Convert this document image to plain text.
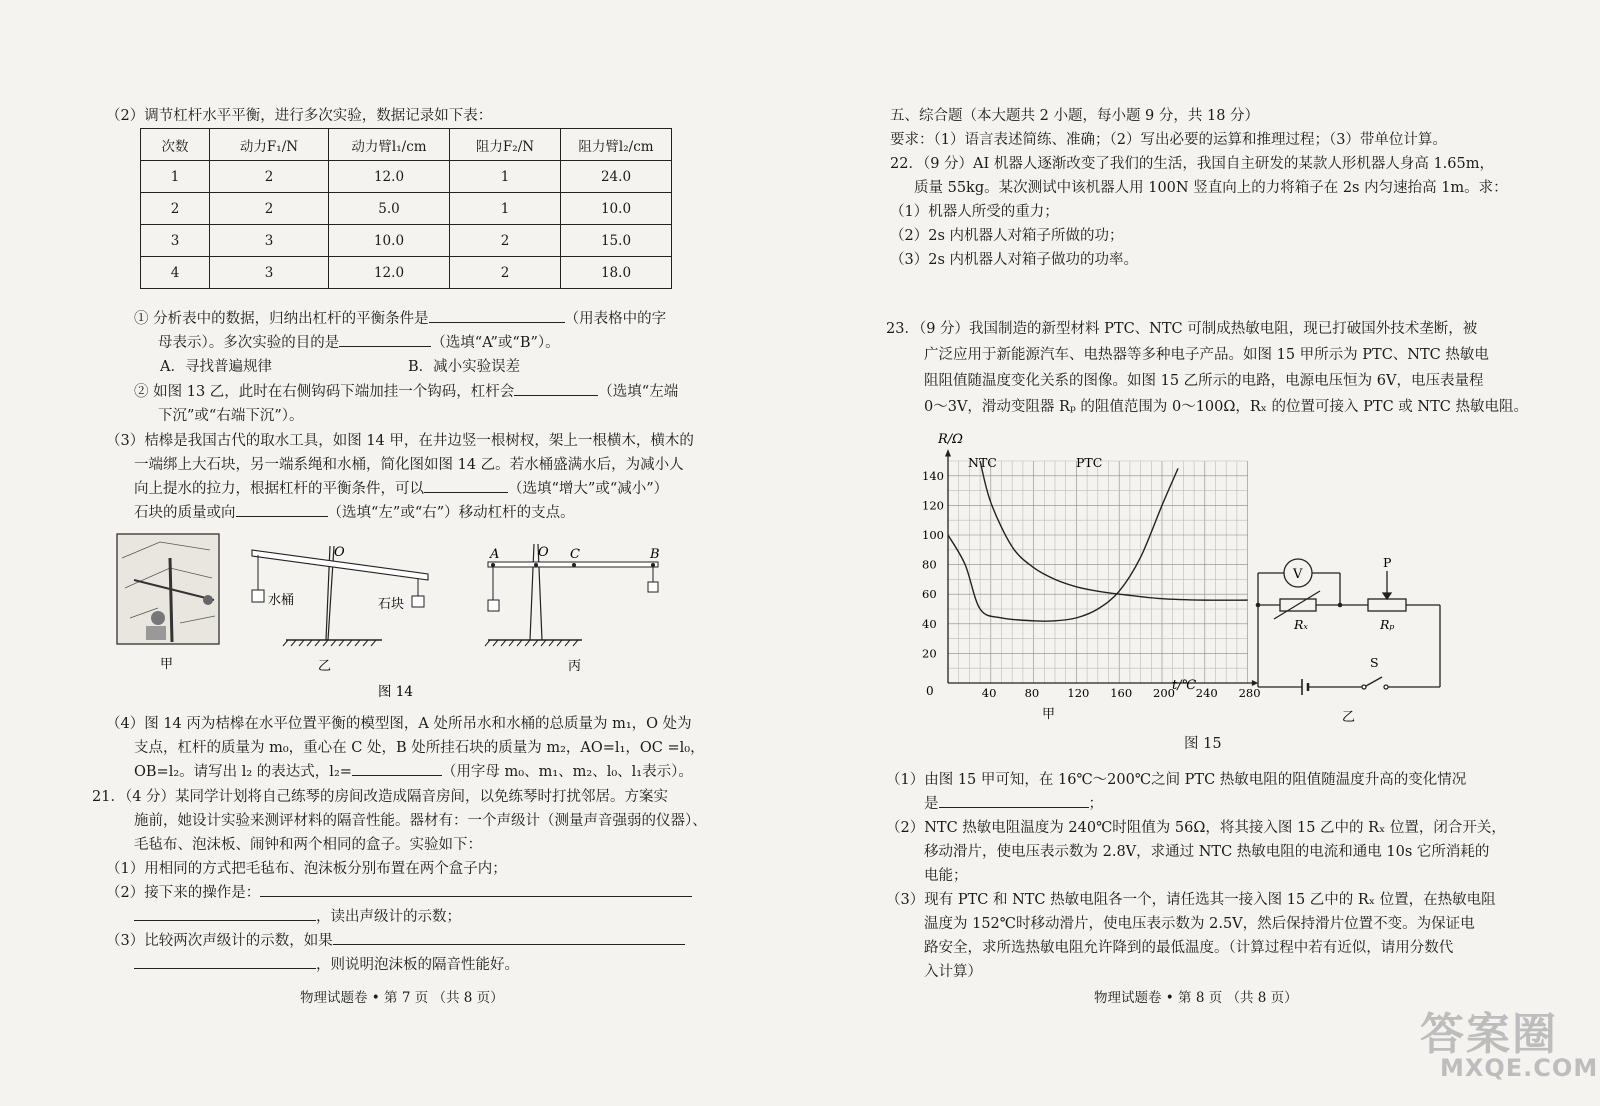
（2）调节杠杆水平平衡，进行多次实验，数据记录如下表：
次数	动力F₁/N	动力臂l₁/cm	阻力F₂/N	阻力臂l₂/cm
1	2	12.0	1	24.0
2	2	5.0	1	10.0
3	3	10.0	2	15.0
4	3	12.0	2	18.0
① 分析表中的数据，归纳出杠杆的平衡条件是	（用表格中的字
母表示）。多次实验的目的是	（选填“A”或“B”）。
A．寻找普遍规律	B．减小实验误差
② 如图 13 乙，此时在右侧钩码下端加挂一个钩码，杠杆会	（选填“左端
下沉”或“右端下沉”）。
（3）桔槔是我国古代的取水工具，如图 14 甲，在井边竖一根树杈，架上一根横木，横木的
一端绑上大石块，另一端系绳和水桶，简化图如图 14 乙。若水桶盛满水后，为减小人
向上提水的拉力，根据杠杆的平衡条件，可以	（选填“增大”或“减小”）
石块的质量或向	（选填“左”或“右”）移动杠杆的支点。
甲
O
水桶	石块
乙
A	O C	B
丙
图 14
（4）图 14 丙为桔槔在水平位置平衡的模型图，A 处所吊水和水桶的总质量为 m₁，O 处为
支点，杠杆的质量为 m₀，重心在 C 处，B 处所挂石块的质量为 m₂，AO=l₁，OC =l₀，
OB=l₂。请写出 l₂ 的表达式，l₂=	（用字母 m₀、m₁、m₂、l₀、l₁表示）。
21．（4 分）某同学计划将自己练琴的房间改造成隔音房间，以免练琴时打扰邻居。方案实
施前，她设计实验来测评材料的隔音性能。器材有：一个声级计（测量声音强弱的仪器）、
毛毡布、泡沫板、闹钟和两个相同的盒子。实验如下：
（1）用相同的方式把毛毡布、泡沫板分别布置在两个盒子内；
（2）接下来的操作是：
，读出声级计的示数；
（3）比较两次声级计的示数，如果
，则说明泡沫板的隔音性能好。
物理试题卷 • 第 7 页 （共 8 页）
五、综合题（本大题共 2 小题，每小题 9 分，共 18 分）
要求：（1）语言表述简练、准确；（2）写出必要的运算和推理过程；（3）带单位计算。
22．（9 分）AI 机器人逐渐改变了我们的生活，我国自主研发的某款人形机器人身高 1.65m，
质量 55kg。某次测试中该机器人用 100N 竖直向上的力将箱子在 2s 内匀速抬高 1m。求：
（1）机器人所受的重力；
（2）2s 内机器人对箱子所做的功；
（3）2s 内机器人对箱子做功的功率。
23．（9 分）我国制造的新型材料 PTC、NTC 可制成热敏电阻，现已打破国外技术垄断，被
广泛应用于新能源汽车、电热器等多种电子产品。如图 15 甲所示为 PTC、NTC 热敏电
阻阻值随温度变化关系的图像。如图 15 乙所示的电路，电源电压恒为 6V，电压表量程
0～3V，滑动变阻器 Rₚ 的阻值范围为 0～100Ω，Rₓ 的位置可接入 PTC 或 NTC 热敏电阻。
20
40
60
80
100
120
140
40 80 120 160 200 240 280
R/Ω
t/℃
0
NTC	PTC
甲
V
P
Rₓ	Rₚ
S
乙
图 15
（1）由图 15 甲可知，在 16℃～200℃之间 PTC 热敏电阻的阻值随温度升高的变化情况
是	；
（2）NTC 热敏电阻温度为 240℃时阻值为 56Ω，将其接入图 15 乙中的 Rₓ 位置，闭合开关，
移动滑片，使电压表示数为 2.8V，求通过 NTC 热敏电阻的电流和通电 10s 它所消耗的
电能；
（3）现有 PTC 和 NTC 热敏电阻各一个，请任选其一接入图 15 乙中的 Rₓ 位置，在热敏电阻
温度为 152℃时移动滑片，使电压表示数为 2.5V，然后保持滑片位置不变。为保证电
路安全，求所选热敏电阻允许降到的最低温度。（计算过程中若有近似，请用分数代
入计算）
物理试题卷 • 第 8 页 （共 8 页）
答案圈
MXQE.COM
